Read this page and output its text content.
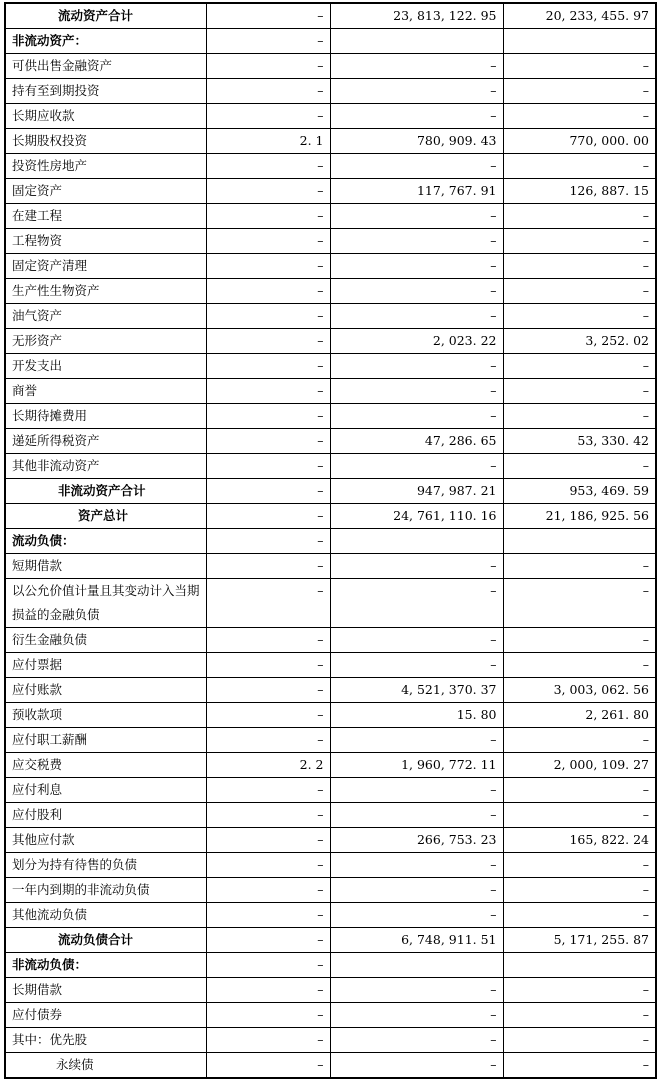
流动资产合计	–	23, 813, 122. 95	20, 233, 455. 97
非流动资产：	–		
可供出售金融资产	–	–	–
持有至到期投资	–	–	–
长期应收款	–	–	–
长期股权投资	2. 1	780, 909. 43	770, 000. 00
投资性房地产	–	–	–
固定资产	–	117, 767. 91	126, 887. 15
在建工程	–	–	–
工程物资	–	–	–
固定资产清理	–	–	–
生产性生物资产	–	–	–
油气资产	–	–	–
无形资产	–	2, 023. 22	3, 252. 02
开发支出	–	–	–
商誉	–	–	–
长期待摊费用	–	–	–
递延所得税资产	–	47, 286. 65	53, 330. 42
其他非流动资产	–	–	–
非流动资产合计	–	947, 987. 21	953, 469. 59
资产总计	–	24, 761, 110. 16	21, 186, 925. 56
流动负债：	–		
短期借款	–	–	–
以公允价值计量且其变动计入当期损益的金融负债	–	–	–
衍生金融负债	–	–	–
应付票据	–	–	–
应付账款	–	4, 521, 370. 37	3, 003, 062. 56
预收款项	–	15. 80	2, 261. 80
应付职工薪酬	–	–	–
应交税费	2. 2	1, 960, 772. 11	2, 000, 109. 27
应付利息	–	–	–
应付股利	–	–	–
其他应付款	–	266, 753. 23	165, 822. 24
划分为持有待售的负债	–	–	–
一年内到期的非流动负债	–	–	–
其他流动负债	–	–	–
流动负债合计	–	6, 748, 911. 51	5, 171, 255. 87
非流动负债：	–		
长期借款	–	–	–
应付债券	–	–	–
其中：优先股	–	–	–
永续债	–	–	–
